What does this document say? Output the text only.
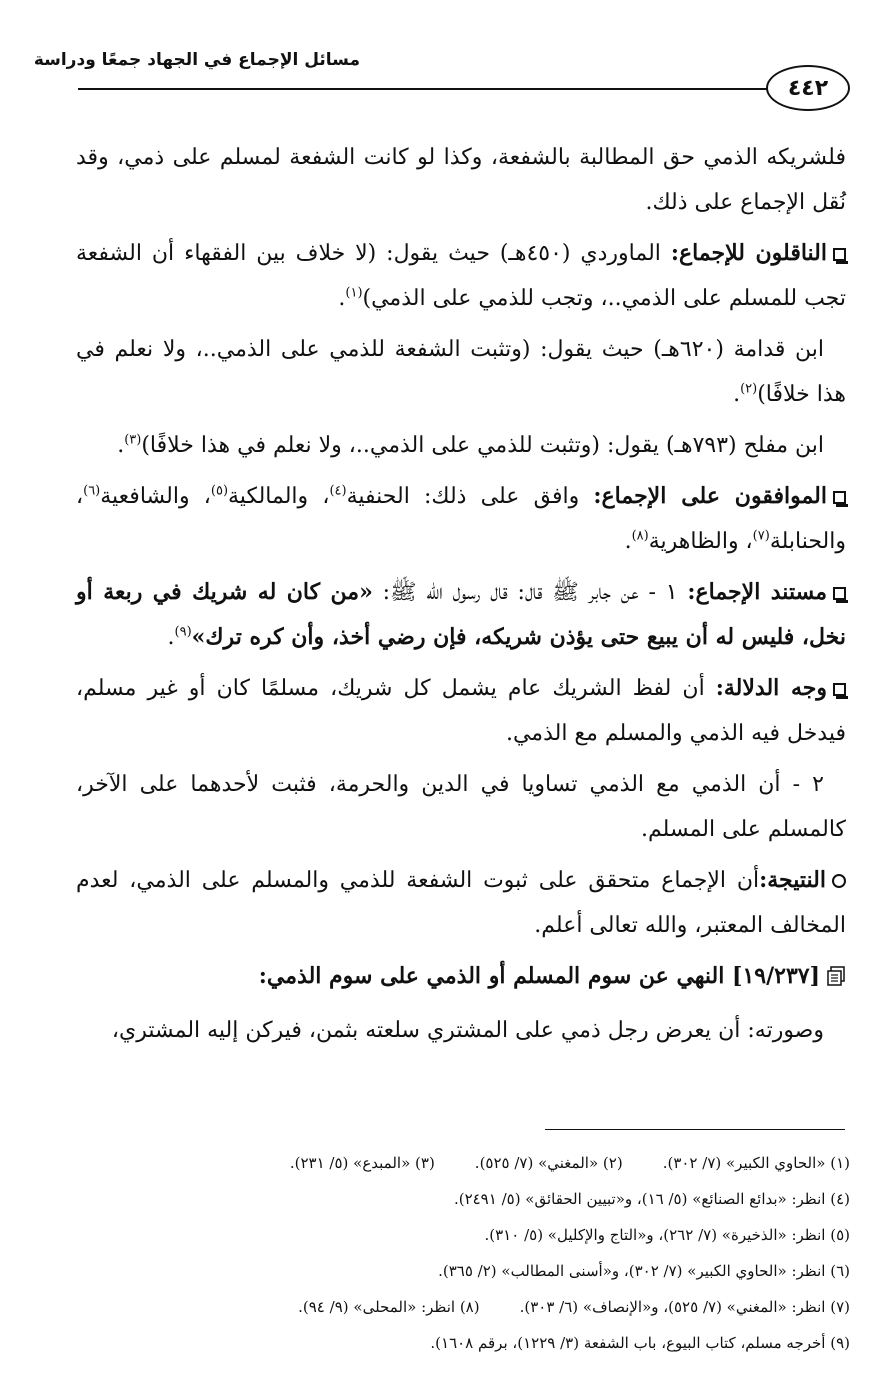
مسائل الإجماع في الجهاد جمعًا ودراسة
٤٤٢

فلشريكه الذمي حق المطالبة بالشفعة، وكذا لو كانت الشفعة لمسلم على ذمي، وقد نُقل الإجماع على ذلك.

الناقلون للإجماع: الماوردي (٤٥٠هـ) حيث يقول: (لا خلاف بين الفقهاء أن الشفعة تجب للمسلم على الذمي..، وتجب للذمي على الذمي)$^{(١)}$.

ابن قدامة (٦٢٠هـ) حيث يقول: (وتثبت الشفعة للذمي على الذمي..، ولا نعلم في هذا خلافًا)$^{(٢)}$.

ابن مفلح (٧٩٣هـ) يقول: (وتثبت للذمي على الذمي..، ولا نعلم في هذا خلافًا)$^{(٣)}$.

الموافقون على الإجماع: وافق على ذلك: الحنفية$^{(٤)}$، والمالكية$^{(٥)}$، والشافعية$^{(٦)}$، والحنابلة$^{(٧)}$، والظاهرية$^{(٨)}$.

مستند الإجماع: ١ - عن جابر ﷺ قال: قال رسول الله ﷺ: «من كان له شريك في ربعة أو نخل، فليس له أن يبيع حتى يؤذن شريكه، فإن رضي أخذ، وأن كره ترك»$^{(٩)}$.

وجه الدلالة: أن لفظ الشريك عام يشمل كل شريك، مسلمًا كان أو غير مسلم، فيدخل فيه الذمي والمسلم مع الذمي.

٢ - أن الذمي مع الذمي تساويا في الدين والحرمة، فثبت لأحدهما على الآخر، كالمسلم على المسلم.

النتيجة:أن الإجماع متحقق على ثبوت الشفعة للذمي والمسلم على الذمي، لعدم المخالف المعتبر، والله تعالى أعلم.

[١٩/٢٣٧] النهي عن سوم المسلم أو الذمي على سوم الذمي:

وصورته: أن يعرض رجل ذمي على المشتري سلعته بثمن، فيركن إليه المشتري،

(١) «الحاوي الكبير» (٧/ ٣٠٢).
(٢) «المغني» (٧/ ٥٢٥).
(٣) «المبدع» (٥/ ٢٣١).
(٤) انظر: «بدائع الصنائع» (٥/ ١٦)، و«تبيين الحقائق» (٥/ ٢٤٩١).
(٥) انظر: «الذخيرة» (٧/ ٢٦٢)، و«التاج والإكليل» (٥/ ٣١٠).
(٦) انظر: «الحاوي الكبير» (٧/ ٣٠٢)، و«أسنى المطالب» (٢/ ٣٦٥).
(٧) انظر: «المغني» (٧/ ٥٢٥)، و«الإنصاف» (٦/ ٣٠٣).
(٨) انظر: «المحلى» (٩/ ٩٤).
(٩) أخرجه مسلم، كتاب البيوع، باب الشفعة (٣/ ١٢٢٩)، برقم ١٦٠٨).
